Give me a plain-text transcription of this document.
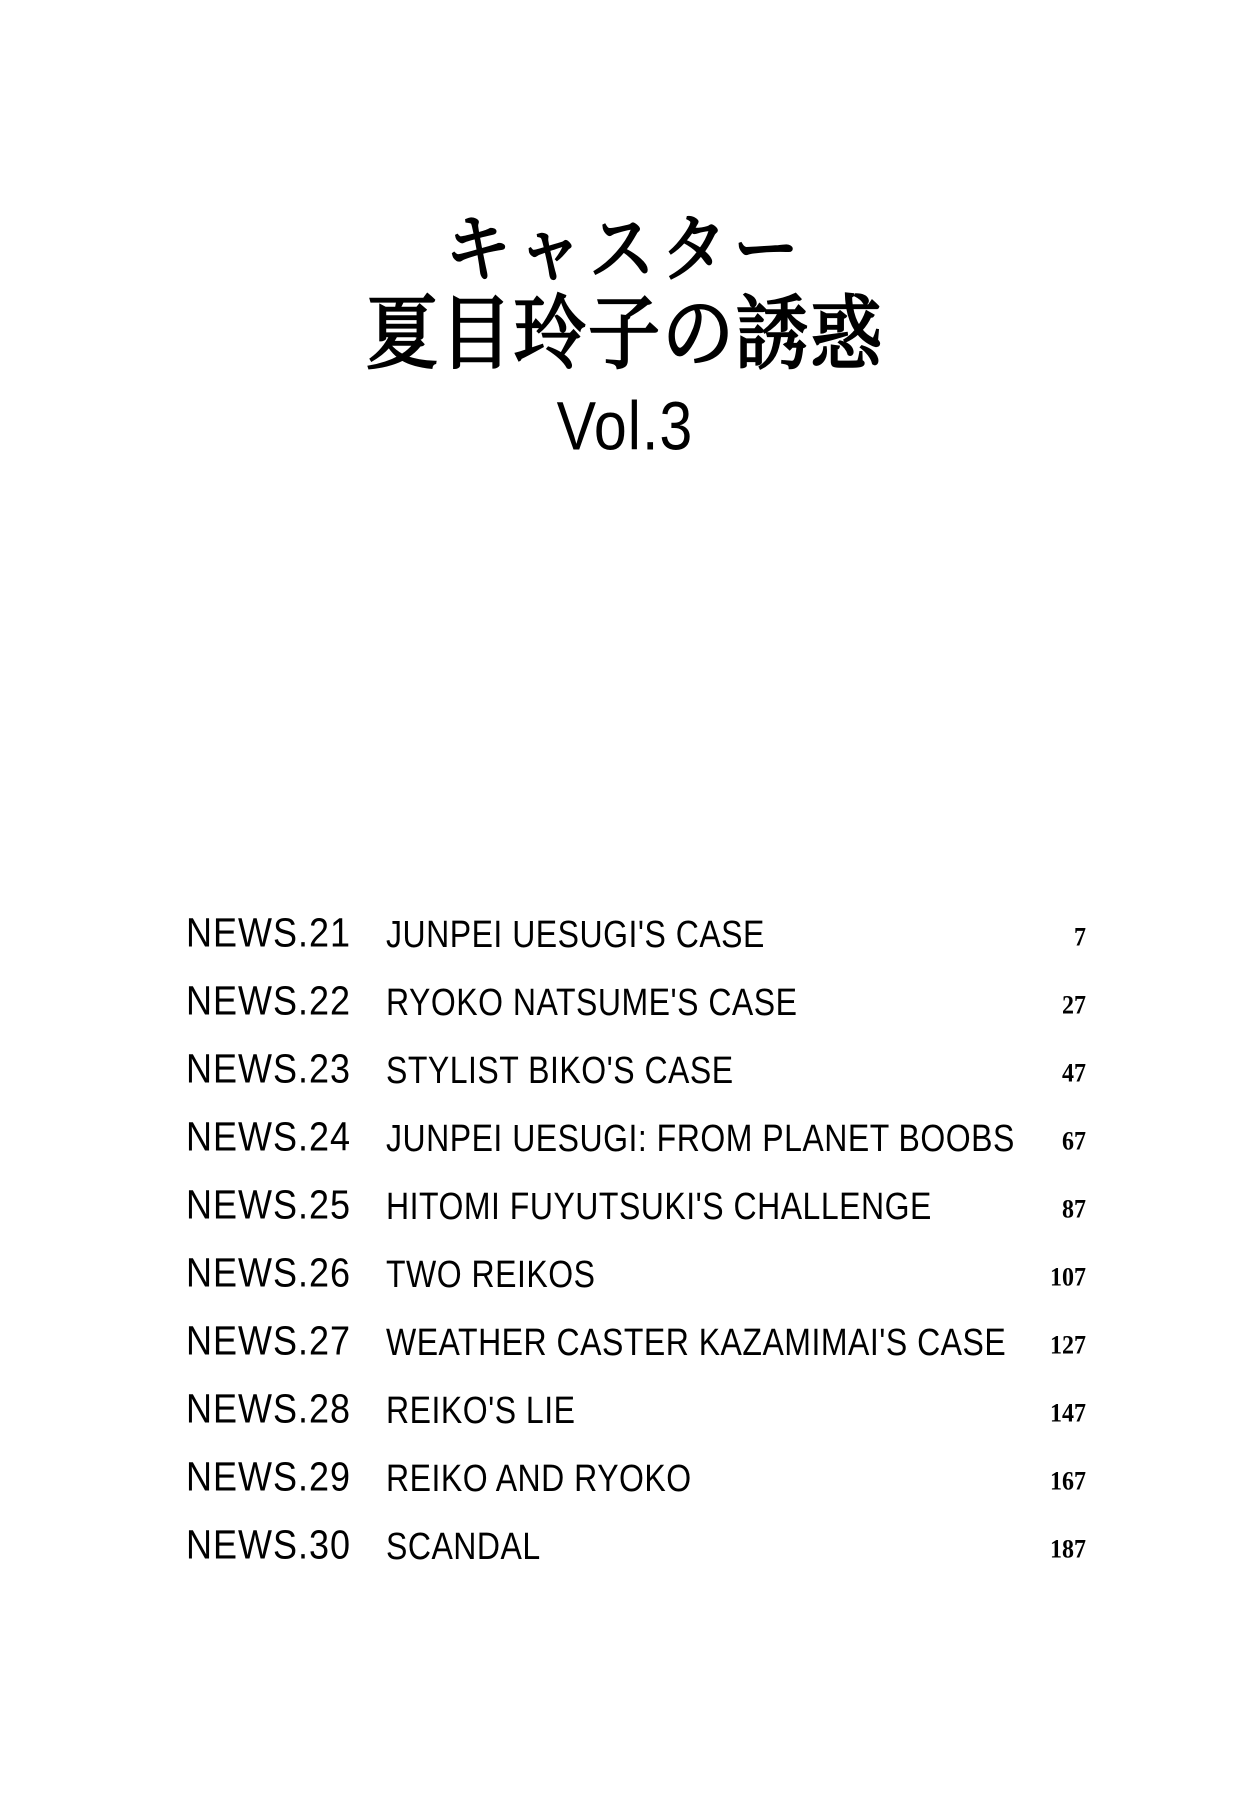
キャスター
夏目玲子の誘惑
Vol.3
NEWS.21	JUNPEI UESUGI'S CASE	7
NEWS.22	RYOKO NATSUME'S CASE	27
NEWS.23	STYLIST BIKO'S CASE	47
NEWS.24	JUNPEI UESUGI: FROM PLANET BOOBS	67
NEWS.25	HITOMI FUYUTSUKI'S CHALLENGE	87
NEWS.26	TWO REIKOS	107
NEWS.27	WEATHER CASTER KAZAMIMAI'S CASE	127
NEWS.28	REIKO'S LIE	147
NEWS.29	REIKO AND RYOKO	167
NEWS.30	SCANDAL	187
